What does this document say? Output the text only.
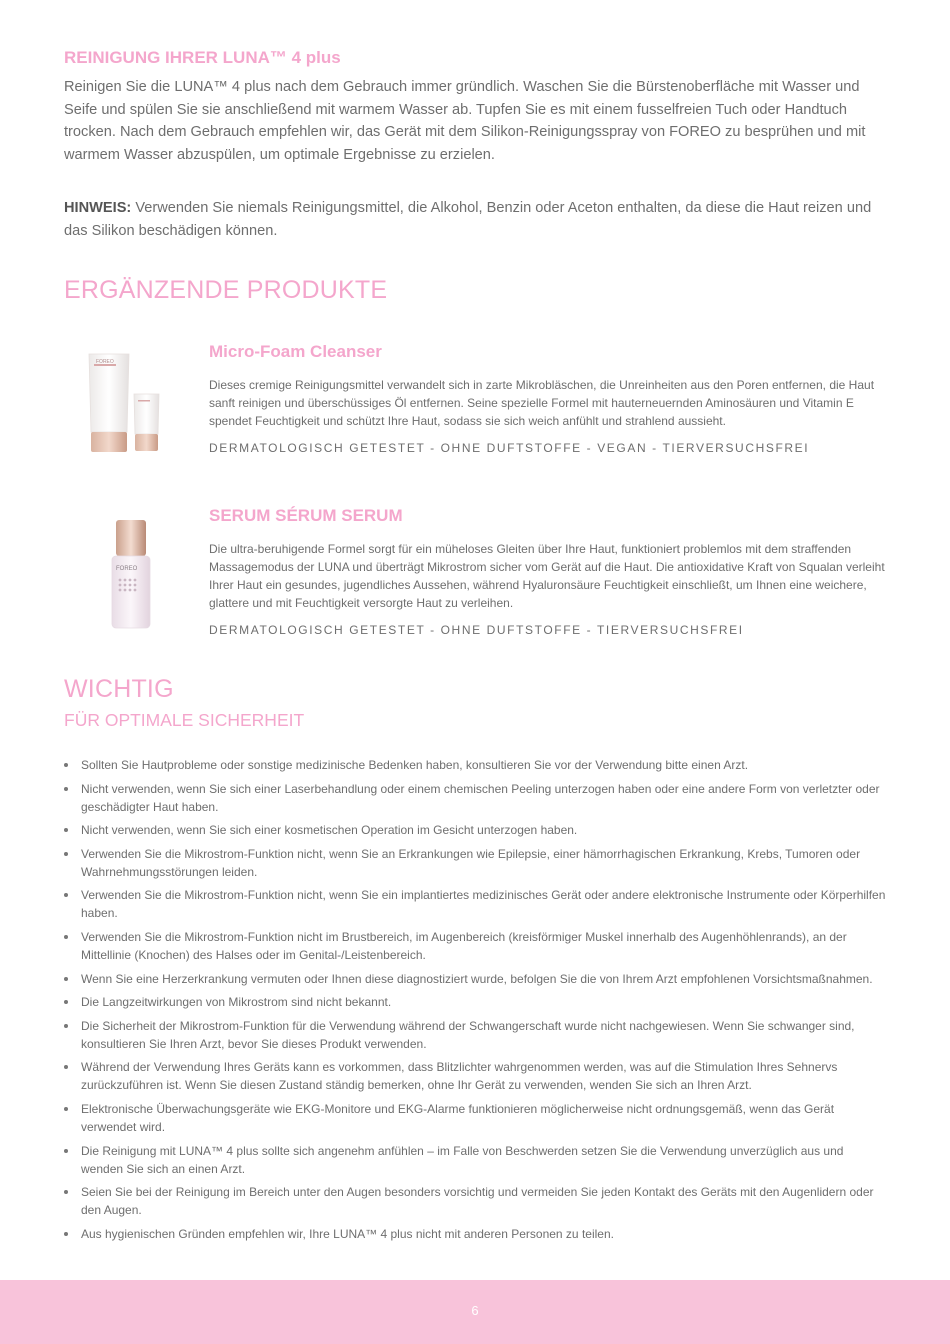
REINIGUNG IHRER LUNA™ 4 plus

Reinigen Sie die LUNA™ 4 plus nach dem Gebrauch immer gründlich. Waschen Sie die Bürstenoberfläche mit Wasser und Seife und spülen Sie sie anschließend mit warmem Wasser ab. Tupfen Sie es mit einem fusselfreien Tuch oder Handtuch trocken. Nach dem Gebrauch empfehlen wir, das Gerät mit dem Silikon-Reinigungsspray von FOREO zu besprühen und mit warmem Wasser abzuspülen, um optimale Ergebnisse zu erzielen.

HINWEIS: Verwenden Sie niemals Reinigungsmittel, die Alkohol, Benzin oder Aceton enthalten, da diese die Haut reizen und das Silikon beschädigen können.

ERGÄNZENDE PRODUKTE
FOREO
Micro-Foam Cleanser

Dieses cremige Reinigungsmittel verwandelt sich in zarte Mikrobläschen, die Unreinheiten aus den Poren entfernen, die Haut sanft reinigen und überschüssiges Öl entfernen. Seine spezielle Formel mit hauterneuernden Aminosäuren und Vitamin E spendet Feuchtigkeit und schützt Ihre Haut, sodass sie sich weich anfühlt und strahlend aussieht.

DERMATOLOGISCH GETESTET - OHNE DUFTSTOFFE - VEGAN - TIERVERSUCHSFREI

FOREO
SERUM SÉRUM SERUM

Die ultra-beruhigende Formel sorgt für ein müheloses Gleiten über Ihre Haut, funktioniert problemlos mit dem straffenden Massagemodus der LUNA und überträgt Mikrostrom sicher vom Gerät auf die Haut. Die antioxidative Kraft von Squalan verleiht Ihrer Haut ein gesundes, jugendliches Aussehen, während Hyaluronsäure Feuchtigkeit einschließt, um Ihnen eine weichere, glattere und mit Feuchtigkeit versorgte Haut zu verleihen.

DERMATOLOGISCH GETESTET - OHNE DUFTSTOFFE - TIERVERSUCHSFREI

WICHTIG
FÜR OPTIMALE SICHERHEIT
Sollten Sie Hautprobleme oder sonstige medizinische Bedenken haben, konsultieren Sie vor der Verwendung bitte einen Arzt.
Nicht verwenden, wenn Sie sich einer Laserbehandlung oder einem chemischen Peeling unterzogen haben oder eine andere Form von verletzter oder geschädigter Haut haben.
Nicht verwenden, wenn Sie sich einer kosmetischen Operation im Gesicht unterzogen haben.
Verwenden Sie die Mikrostrom-Funktion nicht, wenn Sie an Erkrankungen wie Epilepsie, einer hämorrhagischen Erkrankung, Krebs, Tumoren oder Wahrnehmungsstörungen leiden.
Verwenden Sie die Mikrostrom-Funktion nicht, wenn Sie ein implantiertes medizinisches Gerät oder andere elektronische Instrumente oder Körperhilfen haben.
Verwenden Sie die Mikrostrom-Funktion nicht im Brustbereich, im Augenbereich (kreisförmiger Muskel innerhalb des Augenhöhlenrands), an der Mittellinie (Knochen) des Halses oder im Genital-/Leistenbereich.
Wenn Sie eine Herzerkrankung vermuten oder Ihnen diese diagnostiziert wurde, befolgen Sie die von Ihrem Arzt empfohlenen Vorsichtsmaßnahmen.
Die Langzeitwirkungen von Mikrostrom sind nicht bekannt.
Die Sicherheit der Mikrostrom-Funktion für die Verwendung während der Schwangerschaft wurde nicht nachgewiesen. Wenn Sie schwanger sind, konsultieren Sie Ihren Arzt, bevor Sie dieses Produkt verwenden.
Während der Verwendung Ihres Geräts kann es vorkommen, dass Blitzlichter wahrgenommen werden, was auf die Stimulation Ihres Sehnervs zurückzuführen ist. Wenn Sie diesen Zustand ständig bemerken, ohne Ihr Gerät zu verwenden, wenden Sie sich an Ihren Arzt.
Elektronische Überwachungsgeräte wie EKG-Monitore und EKG-Alarme funktionieren möglicherweise nicht ordnungsgemäß, wenn das Gerät verwendet wird.
Die Reinigung mit LUNA™ 4 plus sollte sich angenehm anfühlen – im Falle von Beschwerden setzen Sie die Verwendung unverzüglich aus und wenden Sie sich an einen Arzt.
Seien Sie bei der Reinigung im Bereich unter den Augen besonders vorsichtig und vermeiden Sie jeden Kontakt des Geräts mit den Augenlidern oder den Augen.
Aus hygienischen Gründen empfehlen wir, Ihre LUNA™ 4 plus nicht mit anderen Personen zu teilen.
6
